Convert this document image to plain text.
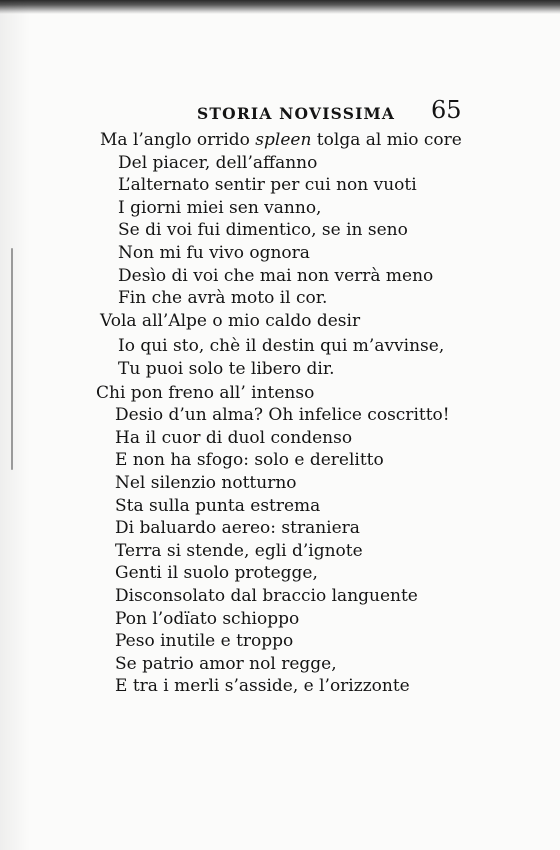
STORIA NOVISSIMA 65
Ma l’anglo orrido spleen tolga al mio core
Del piacer, dell’affanno
L’alternato sentir per cui non vuoti
I giorni miei sen vanno,
Se di voi fui dimentico, se in seno
Non mi fu vivo ognora
Desìo di voi che mai non verrà meno
Fin che avrà moto il cor.
Vola all’Alpe o mio caldo desir
Io qui sto, chè il destin qui m’avvinse,
Tu puoi solo te libero dir.
Chi pon freno all’ intenso
Desio d’un alma? Oh infelice coscritto!
Ha il cuor di duol condenso
E non ha sfogo: solo e derelitto
Nel silenzio notturno
Sta sulla punta estrema
Di baluardo aereo: straniera
Terra si stende, egli d’ignote
Genti il suolo protegge,
Disconsolato dal braccio languente
Pon l’odïato schioppo
Peso inutile e troppo
Se patrio amor nol regge,
E tra i merli s’asside, e l’orizzonte
